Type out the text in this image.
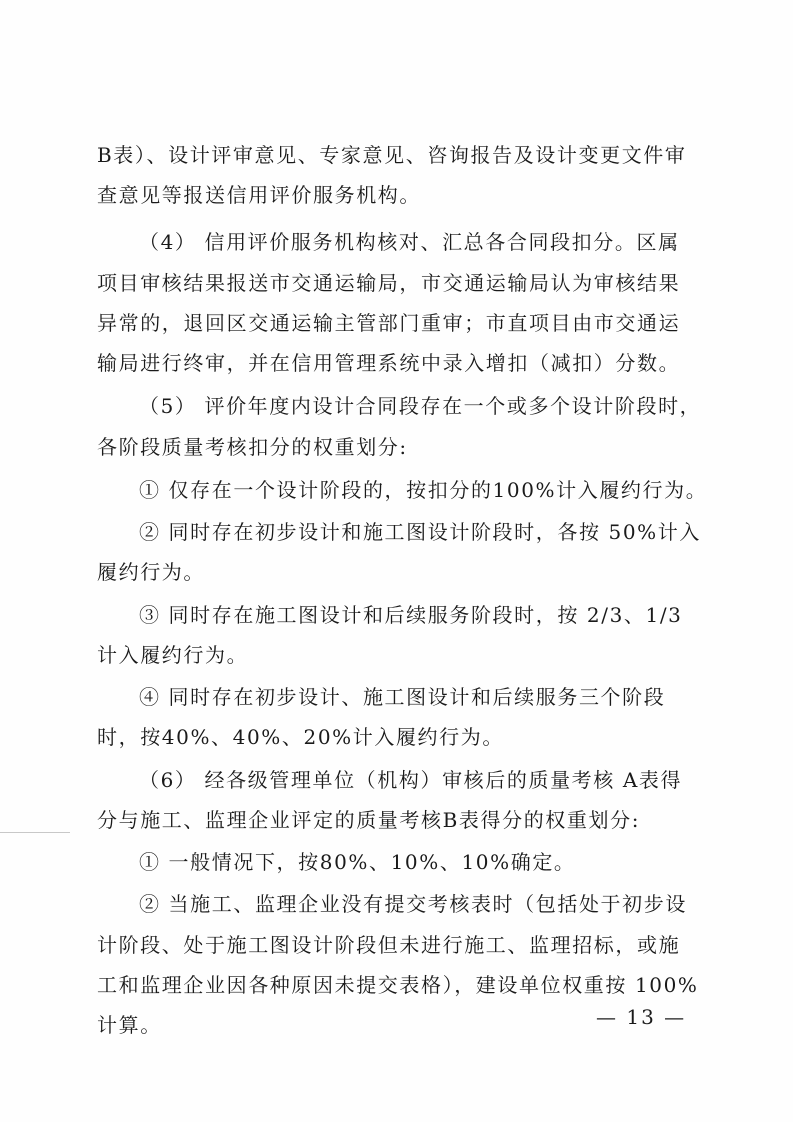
B表）、设计评审意见、专家意见、咨询报告及设计变更文件审
查意见等报送信用评价服务机构。
（4） 信用评价服务机构核对、汇总各合同段扣分。区属
项目审核结果报送市交通运输局，市交通运输局认为审核结果
异常的，退回区交通运输主管部门重审；市直项目由市交通运
输局进行终审，并在信用管理系统中录入增扣（减扣）分数。
（5） 评价年度内设计合同段存在一个或多个设计阶段时，
各阶段质量考核扣分的权重划分:
① 仅存在一个设计阶段的，按扣分的100%计入履约行为。
② 同时存在初步设计和施工图设计阶段时，各按 50%计入
履约行为。
③ 同时存在施工图设计和后续服务阶段时，按 2/3、1/3
计入履约行为。
④ 同时存在初步设计、施工图设计和后续服务三个阶段
时，按40%、40%、20%计入履约行为。
（6） 经各级管理单位（机构）审核后的质量考核 A表得
分与施工、监理企业评定的质量考核B表得分的权重划分:
① 一般情况下，按80%、10%、10%确定。
② 当施工、监理企业没有提交考核表时（包括处于初步设
计阶段、处于施工图设计阶段但未进行施工、监理招标，或施
工和监理企业因各种原因未提交表格），建设单位权重按 100%
计算。	— 13 —
